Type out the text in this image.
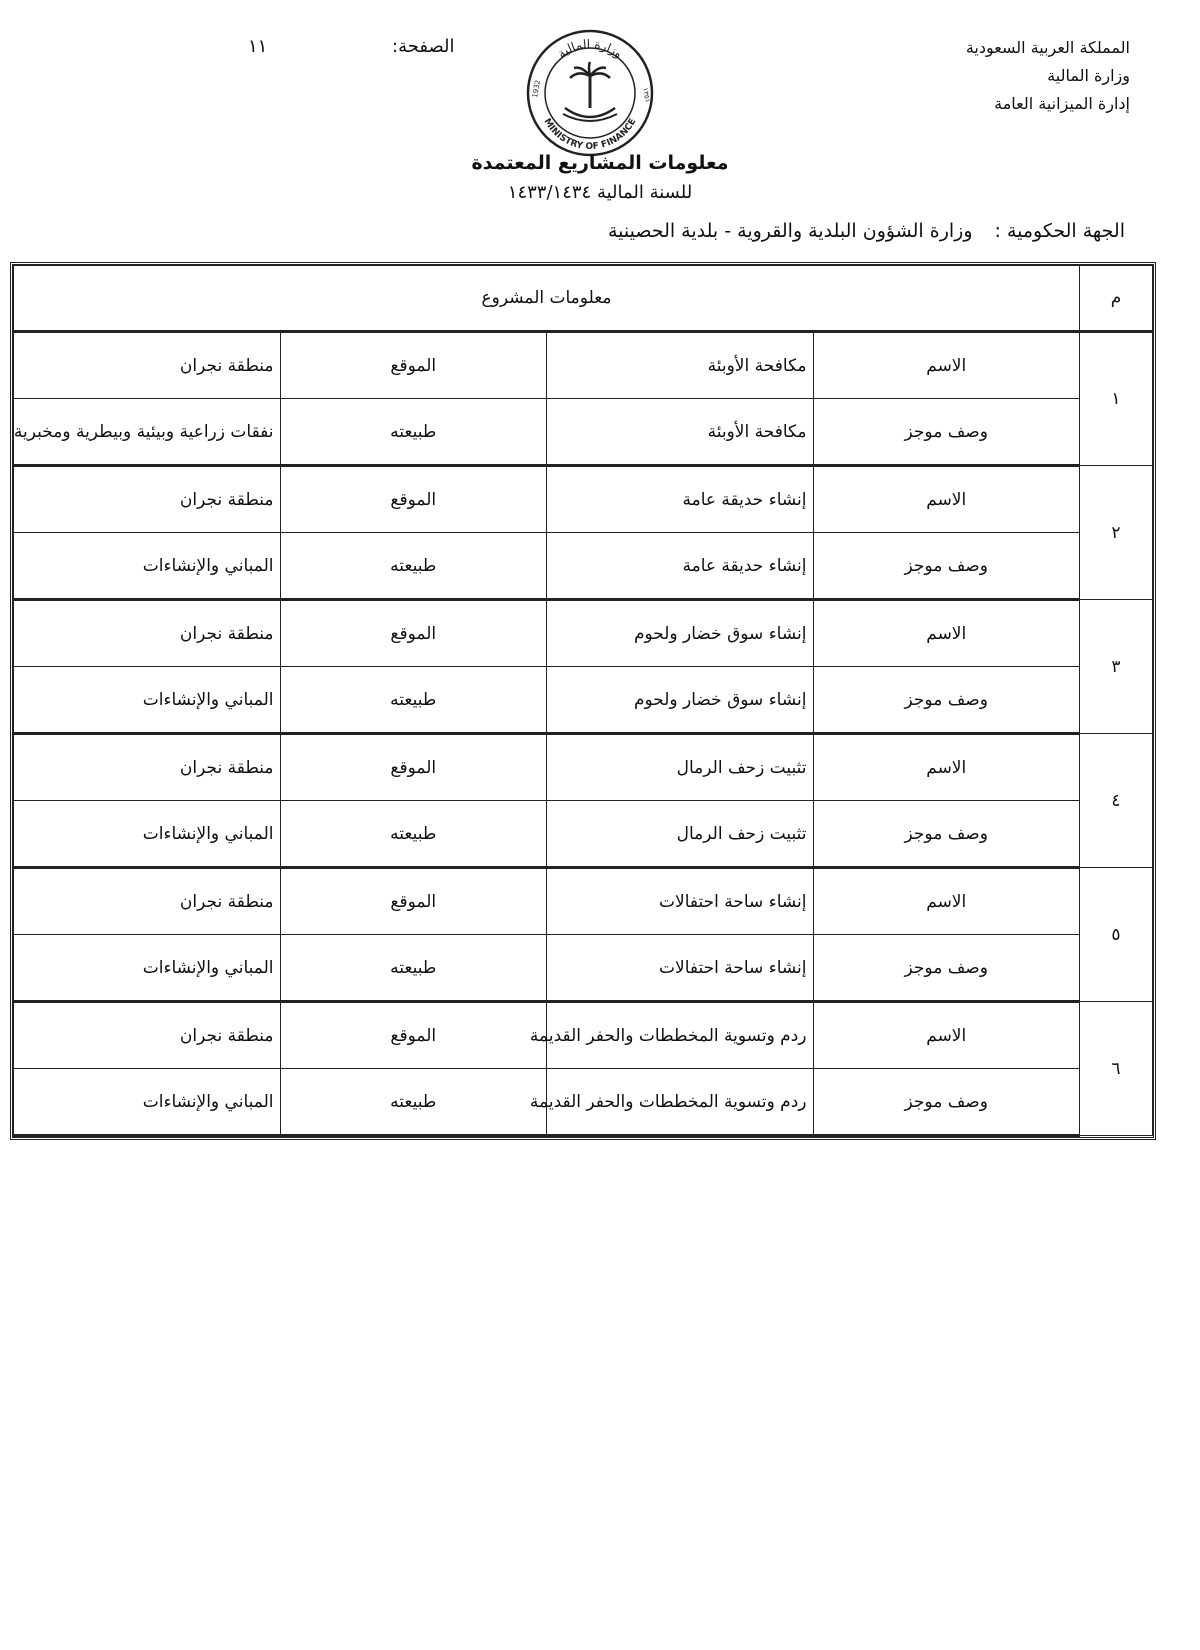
المملكة العربية السعودية
وزارة المالية
إدارة الميزانية العامة
الصفحة:
١١	وزارة المالية
MINISTRY OF FINANCE
1932	١٣٥١
معلومات المشاريع المعتمدة
للسنة المالية ١٤٣٣/١٤٣٤
الجهة الحكومية :وزارة الشؤون البلدية والقروية - بلدية الحصينية
م	معلومات المشروع			
١	الاسم	مكافحة الأوبئة	الموقع	منطقة نجران
	وصف موجز	مكافحة الأوبئة	طبيعته	نفقات زراعية وبيئية وبيطرية ومخبرية
٢	الاسم	إنشاء حديقة عامة	الموقع	منطقة نجران
	وصف موجز	إنشاء حديقة عامة	طبيعته	المباني والإنشاءات
٣	الاسم	إنشاء سوق خضار ولحوم	الموقع	منطقة نجران
	وصف موجز	إنشاء سوق خضار ولحوم	طبيعته	المباني والإنشاءات
٤	الاسم	تثبيت زحف الرمال	الموقع	منطقة نجران
	وصف موجز	تثبيت زحف الرمال	طبيعته	المباني والإنشاءات
٥	الاسم	إنشاء ساحة احتفالات	الموقع	منطقة نجران
	وصف موجز	إنشاء ساحة احتفالات	طبيعته	المباني والإنشاءات
٦	الاسم	ردم وتسوية المخططات والحفر القديمة	الموقع	منطقة نجران
	وصف موجز	ردم وتسوية المخططات والحفر القديمة	طبيعته	المباني والإنشاءات
